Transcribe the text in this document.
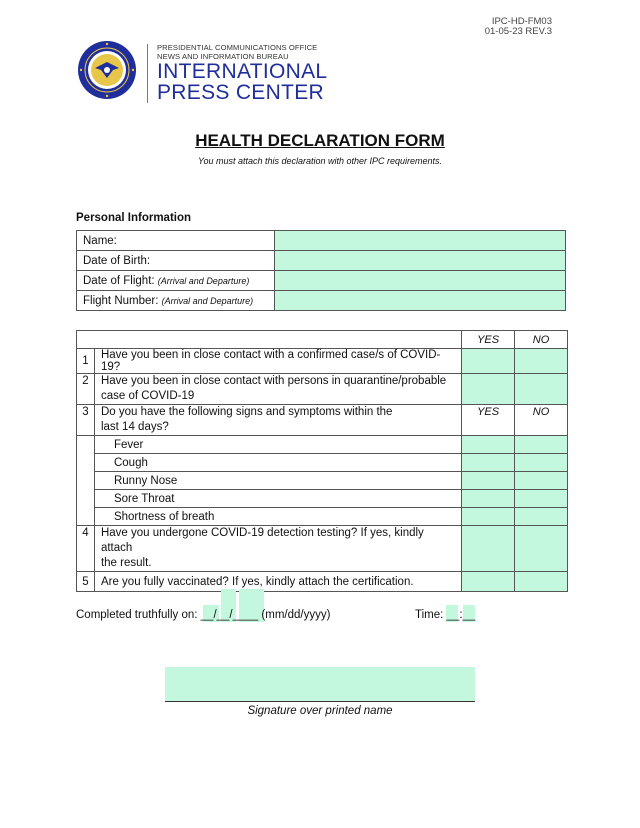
IPC-HD-FM03
01-05-23 REV.3
PRESIDENTIAL COMMUNICATIONS OFFICE
NEWS AND INFORMATION BUREAU
INTERNATIONAL
PRESS CENTER
HEALTH DECLARATION FORM
You must attach this declaration with other IPC requirements.
Personal Information
Name:	
Date of Birth:	
Date of Flight: (Arrival and Departure)	
Flight Number: (Arrival and Departure)	
		YES	NO
1	Have you been in close contact with a confirmed case/s of COVID-19?		
2	Have you been in close contact with persons in quarantine/probable
case of COVID-19		

3	Do you have the following signs and symptoms within the
last 14 days?	YES	NO
	Fever		
	Cough		
	Runny Nose		
	Sore Throat		
	Shortness of breath		
4	Have you undergone COVID-19 detection testing? If yes, kindly attach
the result.		

5	Are you fully vaccinated? If yes, kindly attach the certification.		
Completed truthfully on: __/__/____ (mm/dd/yyyy)	Time: __:__
Signature over printed name
